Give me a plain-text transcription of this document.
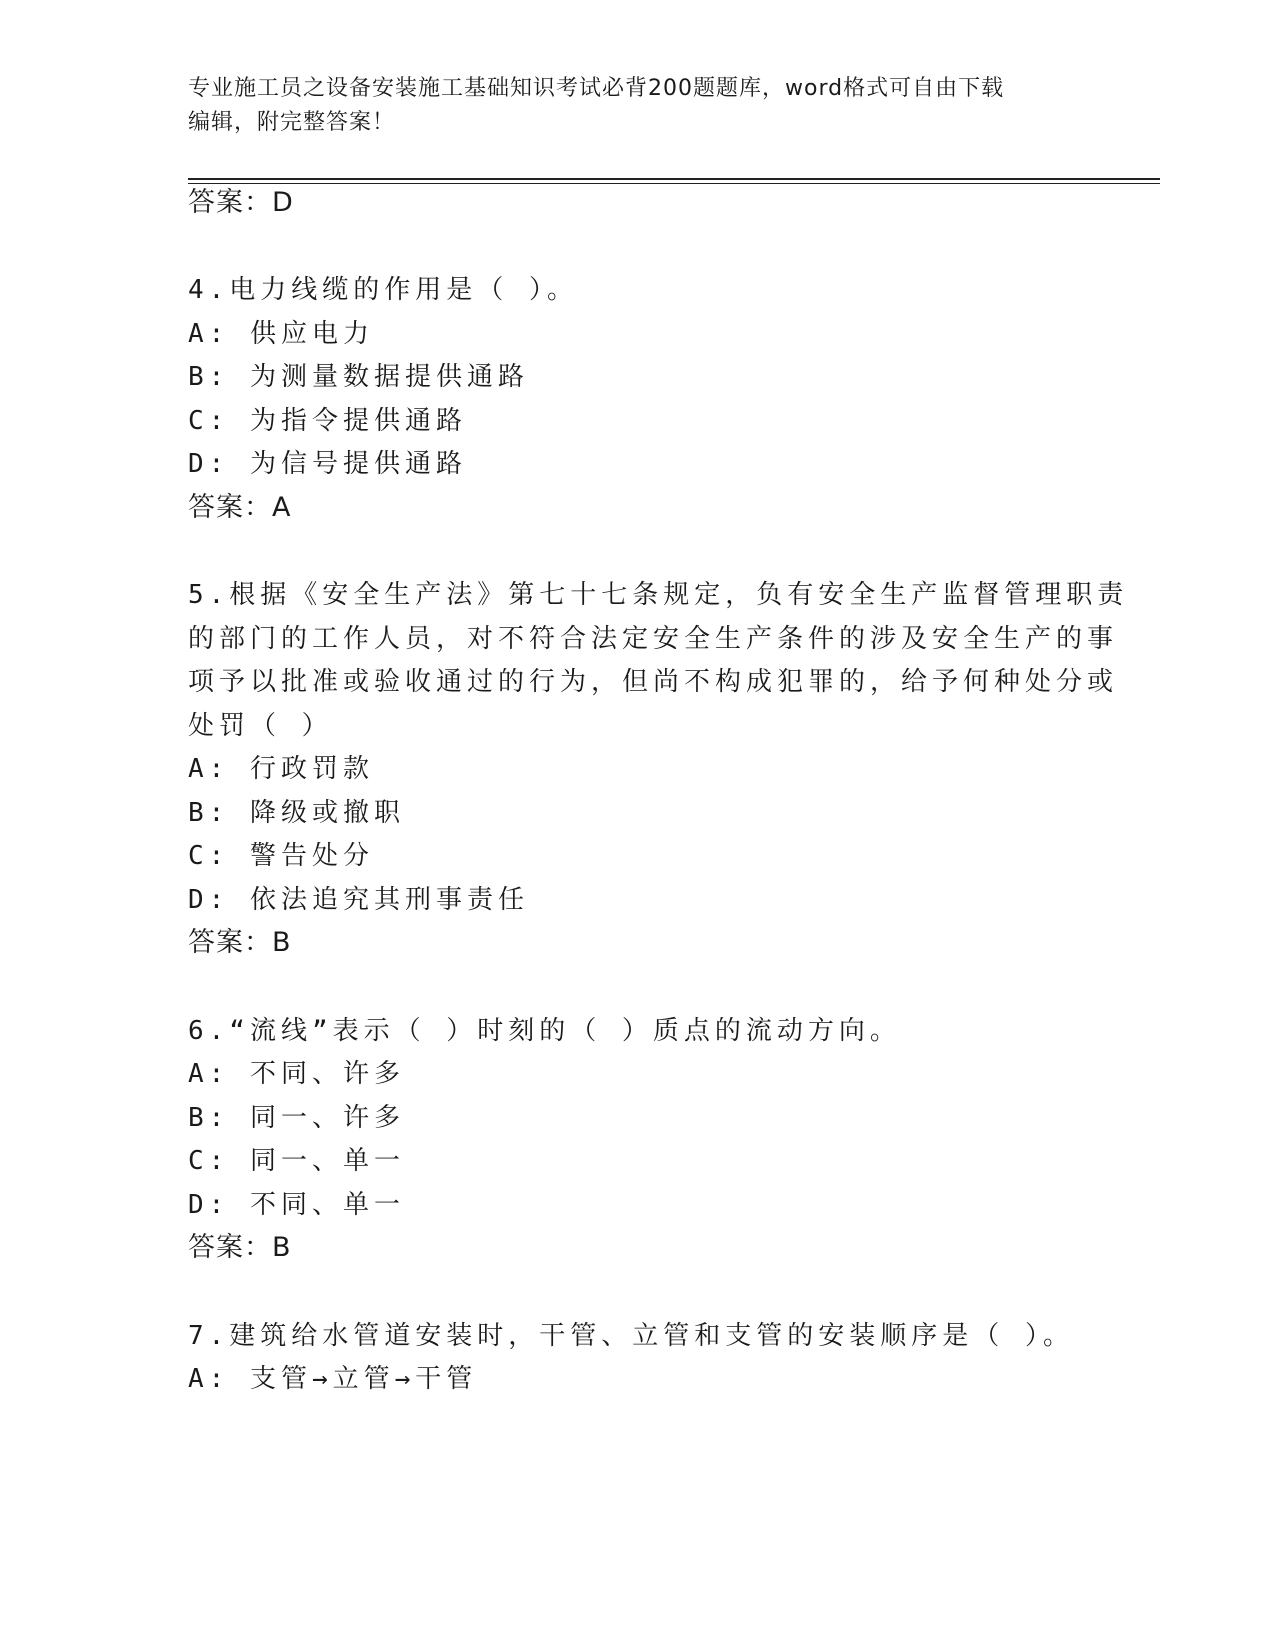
专业施工员之设备安装施工基础知识考试必背200题题库，word格式可自由下载
编辑，附完整答案！
答案：D
4.电力线缆的作用是（ ）。
A: 供应电力
B: 为测量数据提供通路
C: 为指令提供通路
D: 为信号提供通路
答案：A
5.根据《安全生产法》第七十七条规定，负有安全生产监督管理职责
的部门的工作人员，对不符合法定安全生产条件的涉及安全生产的事
项予以批准或验收通过的行为，但尚不构成犯罪的，给予何种处分或
处罚（ ）
A: 行政罚款
B: 降级或撤职
C: 警告处分
D: 依法追究其刑事责任
答案：B
6.“流线”表示（ ）时刻的（ ）质点的流动方向。
A: 不同、许多
B: 同一、许多
C: 同一、单一
D: 不同、单一
答案：B
7.建筑给水管道安装时，干管、立管和支管的安装顺序是（ ）。
A: 支管→立管→干管
